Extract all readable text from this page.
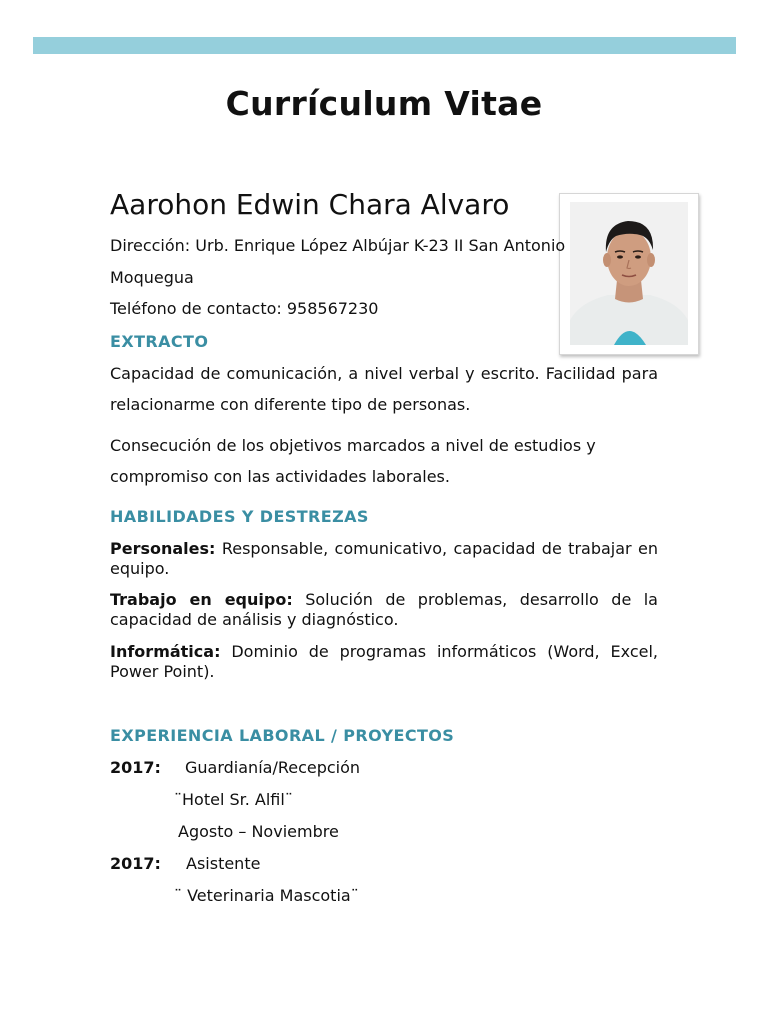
Currículum Vitae
Aarohon Edwin Chara Alvaro
Dirección: Urb. Enrique López Albújar K-23 II San Antonio
Moquegua
Teléfono de contacto: 958567230
EXTRACTO

Capacidad de comunicación, a nivel verbal y escrito. Facilidad para relacionarme con diferente tipo de personas.

Consecución de los objetivos marcados a nivel de estudios y compromiso con las actividades laborales.

HABILIDADES Y DESTREZAS

Personales: Responsable, comunicativo, capacidad de trabajar en equipo.

Trabajo en equipo: Solución de problemas, desarrollo de la capacidad de análisis y diagnóstico.

Informática: Dominio de programas informáticos (Word, Excel, Power Point).

EXPERIENCIA LABORAL / PROYECTOS
2017: Guardianía/Recepción
¨Hotel Sr. Alfil¨
Agosto – Noviembre
2017: Asistente
¨ Veterinaria Mascotia¨
